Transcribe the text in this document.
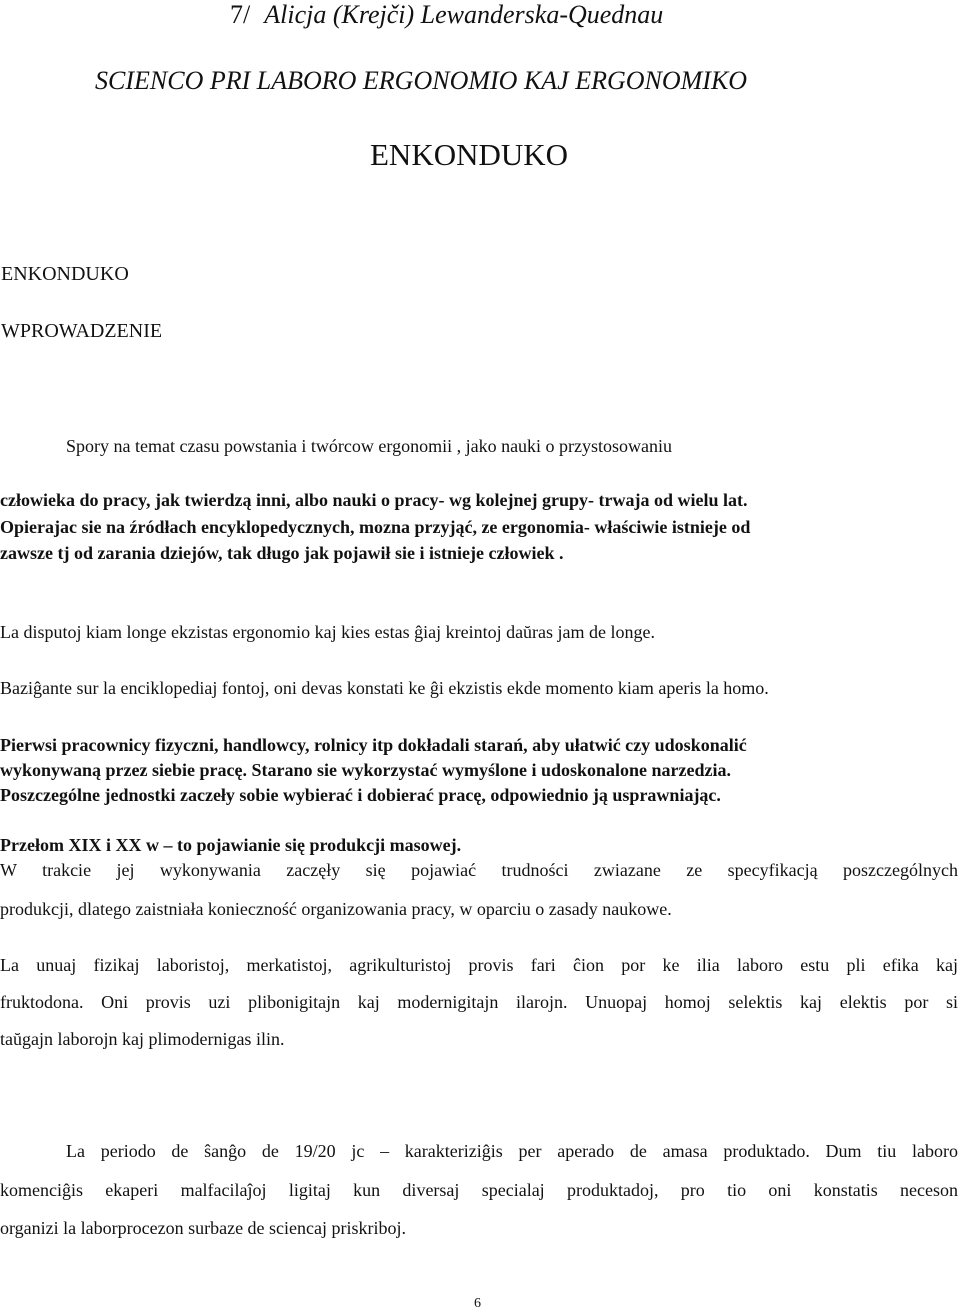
7/ Alicja (Krejči) Lewanderska-Quednau
SCIENCO PRI LABORO ERGONOMIO KAJ ERGONOMIKO
ENKONDUKO
ENKONDUKO
WPROWADZENIE
Spory na temat czasu powstania i twórcow ergonomii , jako nauki o przystosowaniu
człowieka do pracy, jak twierdzą inni, albo nauki o pracy- wg kolejnej grupy- trwaja od wielu lat.
Opierajac sie na źródłach encyklopedycznych, mozna przyjąć, ze ergonomia- właściwie istnieje od
zawsze tj od zarania dziejów, tak długo jak pojawił sie i istnieje człowiek .
La disputoj kiam longe ekzistas ergonomio kaj kies estas ĝiaj kreintoj daŭras jam de longe.
Baziĝante sur la enciklopediaj fontoj, oni devas konstati ke ĝi ekzistis ekde momento kiam aperis la homo.
Pierwsi pracownicy fizyczni, handlowcy, rolnicy itp dokładali starań, aby ułatwić czy udoskonalić
wykonywaną przez siebie pracę. Starano sie wykorzystać wymyślone i udoskonalone narzedzia.
Poszczególne jednostki zaczeły sobie wybierać i dobierać pracę, odpowiednio ją usprawniając.
Przełom XIX i XX w – to pojawianie się produkcji masowej.
W trakcie jej wykonywania zaczęły się pojawiać trudności zwiazane ze specyfikacją poszczególnych
produkcji, dlatego zaistniała konieczność organizowania pracy, w oparciu o zasady naukowe.
La unuaj fizikaj laboristoj, merkatistoj, agrikulturistoj provis fari ĉion por ke ilia laboro estu pli efika kaj
fruktodona. Oni provis uzi plibonigitajn kaj modernigitajn ilarojn. Unuopaj homoj selektis kaj elektis por si
taŭgajn laborojn kaj plimodernigas ilin.
La periodo de ŝanĝo de 19/20 jc – karakteriziĝis per aperado de amasa produktado. Dum tiu laboro
komenciĝis ekaperi malfacilaĵoj ligitaj kun diversaj specialaj produktadoj, pro tio oni konstatis neceson
organizi la laborprocezon surbaze de sciencaj priskriboj.
6
